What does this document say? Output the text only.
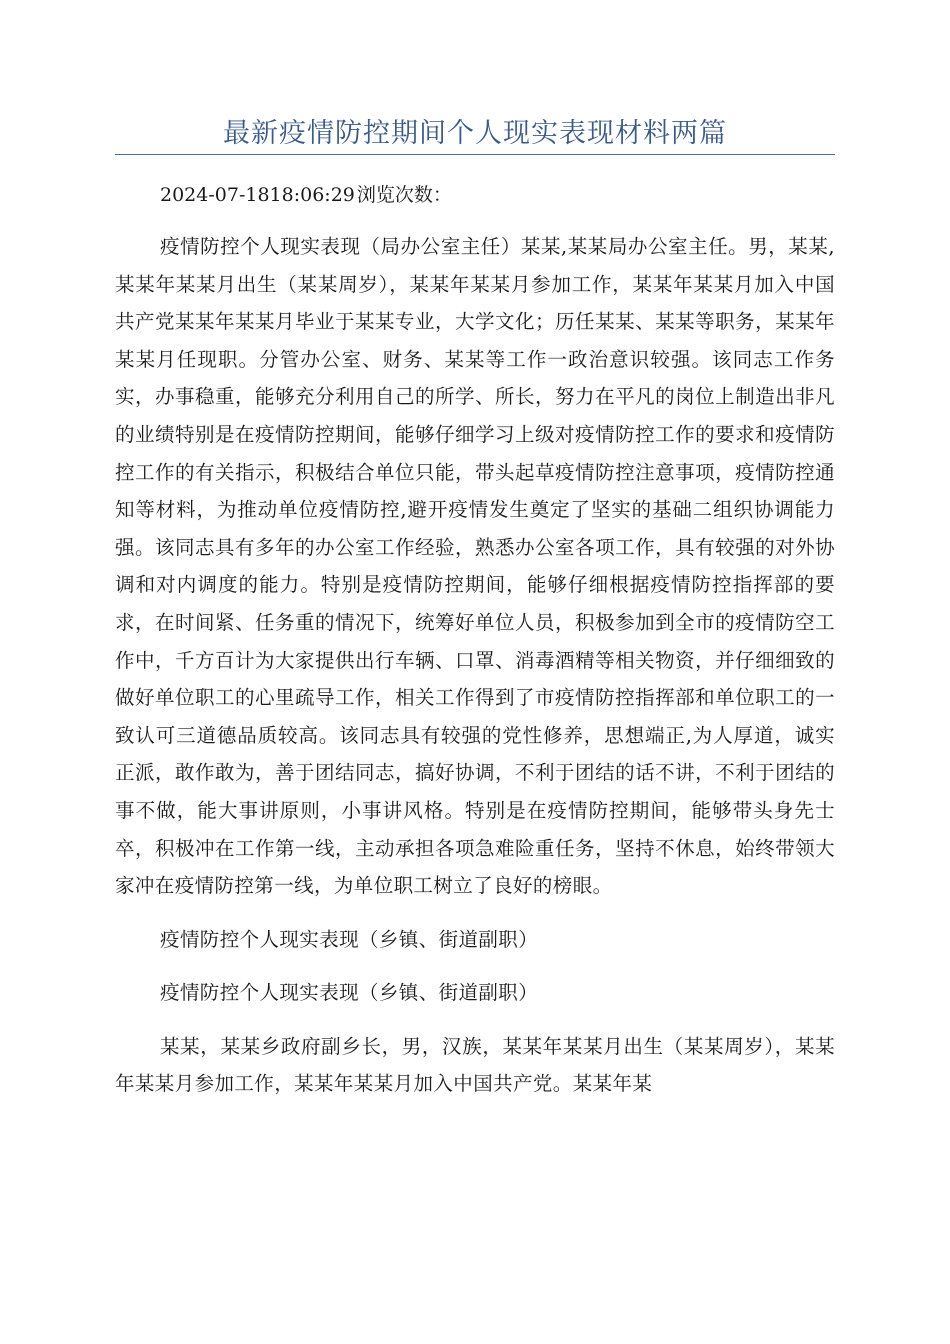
最新疫情防控期间个人现实表现材料两篇
2024-07-1818:06:29 浏览次数：

疫情防控个人现实表现（局办公室主任）某某,某某局办公室主任。男，某某,某某年某某月出生（某某周岁），某某年某某月参加工作，某某年某某月加入中国共产党某某年某某月毕业于某某专业，大学文化；历任某某、某某等职务，某某年某某月任现职。分管办公室、财务、某某等工作一政治意识较强。该同志工作务实，办事稳重，能够充分利用自己的所学、所长，努力在平凡的岗位上制造出非凡的业绩特别是在疫情防控期间，能够仔细学习上级对疫情防控工作的要求和疫情防控工作的有关指示，积极结合单位只能，带头起草疫情防控注意事项，疫情防控通知等材料，为推动单位疫情防控,避开疫情发生奠定了坚实的基础二组织协调能力强。该同志具有多年的办公室工作经验，熟悉办公室各项工作，具有较强的对外协调和对内调度的能力。特别是疫情防控期间，能够仔细根据疫情防控指挥部的要求，在时间紧、任务重的情况下，统筹好单位人员，积极参加到全市的疫情防空工作中，千方百计为大家提供出行车辆、口罩、消毒酒精等相关物资，并仔细细致的做好单位职工的心里疏导工作，相关工作得到了市疫情防控指挥部和单位职工的一致认可三道德品质较高。该同志具有较强的党性修养，思想端正,为人厚道，诚实正派，敢作敢为，善于团结同志，搞好协调，不利于团结的话不讲，不利于团结的事不做，能大事讲原则，小事讲风格。特别是在疫情防控期间，能够带头身先士卒，积极冲在工作第一线，主动承担各项急难险重任务，坚持不休息，始终带领大家冲在疫情防控第一线，为单位职工树立了良好的榜眼。

疫情防控个人现实表现（乡镇、街道副职）

疫情防控个人现实表现（乡镇、街道副职）

某某，某某乡政府副乡长，男，汉族，某某年某某月出生（某某周岁），某某年某某月参加工作，某某年某某月加入中国共产党。某某年某
